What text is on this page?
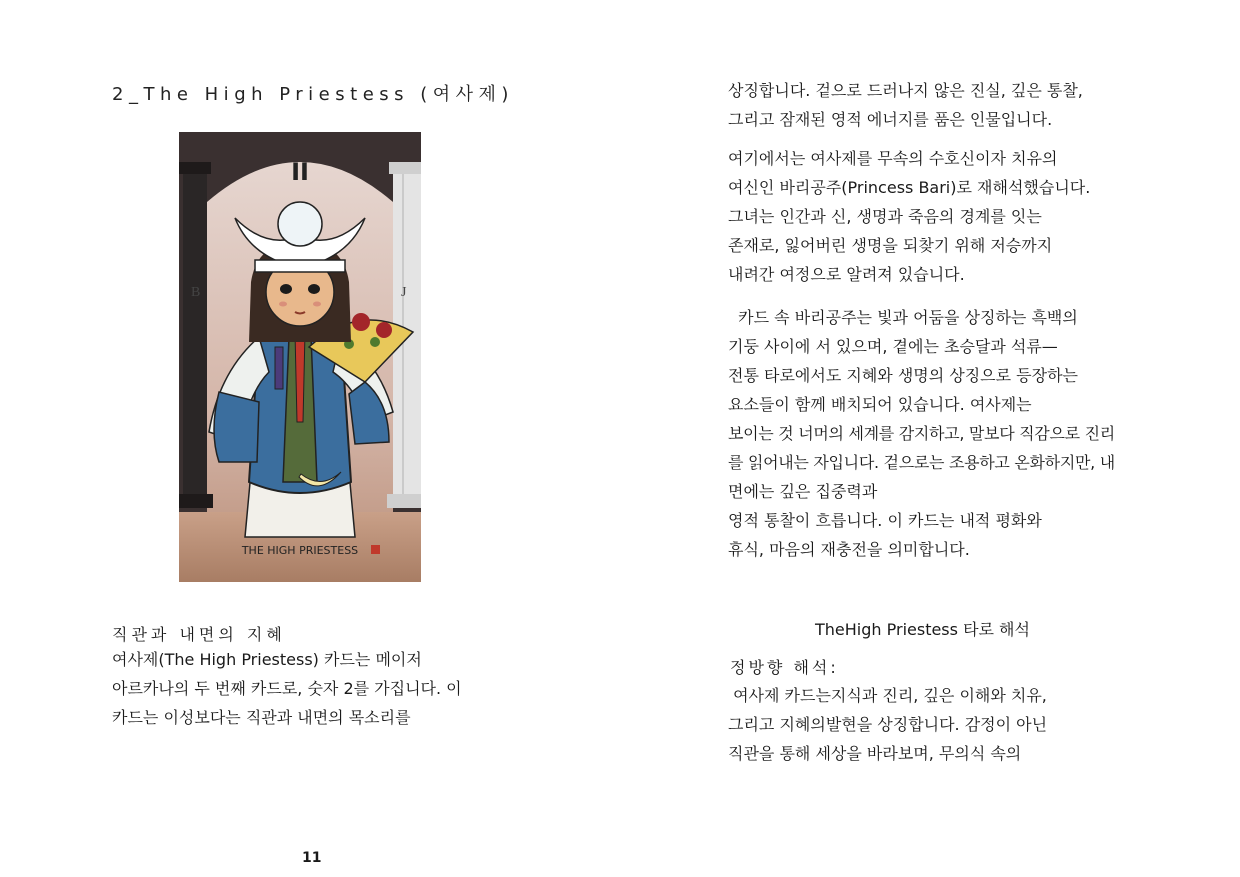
2_The High Priestess (여사제)
B	J
II
THE HIGH PRIESTESS
직관과 내면의 지혜

여사제(The High Priestess) 카드는 메이저
아르카나의 두 번째 카드로, 숫자 2를 가집니다. 이
카드는 이성보다는 직관과 내면의 목소리를

11

상징합니다. 겉으로 드러나지 않은 진실, 깊은 통찰,
그리고 잠재된 영적 에너지를 품은 인물입니다.

여기에서는 여사제를 무속의 수호신이자 치유의
여신인 바리공주(Princess Bari)로 재해석했습니다.
그녀는 인간과 신, 생명과 죽음의 경계를 잇는
존재로, 잃어버린 생명을 되찾기 위해 저승까지
내려간 여정으로 알려져 있습니다.

카드 속 바리공주는 빛과 어둠을 상징하는 흑백의
기둥 사이에 서 있으며, 곁에는 초승달과 석류—
전통 타로에서도 지혜와 생명의 상징으로 등장하는
요소들이 함께 배치되어 있습니다. 여사제는
보이는 것 너머의 세계를 감지하고, 말보다 직감으로 진리
를 읽어내는 자입니다. 겉으로는 조용하고 온화하지만, 내
면에는 깊은 집중력과
영적 통찰이 흐릅니다. 이 카드는 내적 평화와
휴식, 마음의 재충전을 의미합니다.

TheHigh Priestess 타로 해석
정방향 해석:

여사제 카드는지식과 진리, 깊은 이해와 치유,
그리고 지혜의발현을 상징합니다. 감정이 아닌
직관을 통해 세상을 바라보며, 무의식 속의
